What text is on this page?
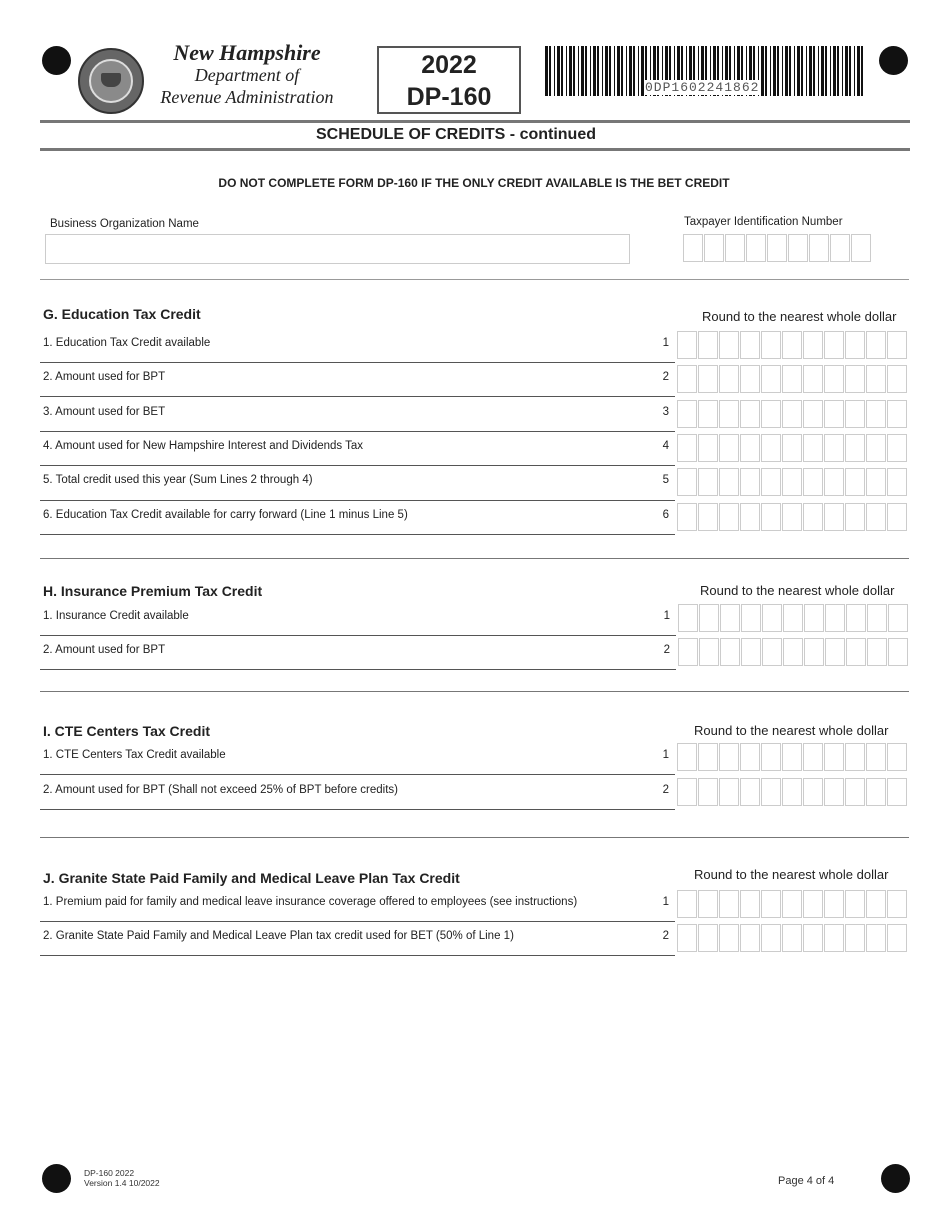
New Hampshire
Department of
Revenue Administration
2022
DP-160	0DP1602241862
SCHEDULE OF CREDITS - continued
DO NOT COMPLETE FORM DP-160 IF THE ONLY CREDIT AVAILABLE IS THE BET CREDIT
Business Organization Name	Taxpayer Identification Number
G. Education Tax Credit	Round to the nearest whole dollar
1. Education Tax Credit available	1
2. Amount used for BPT	2
3. Amount used for BET	3
4. Amount used for New Hampshire Interest and Dividends Tax	4
5. Total credit used this year (Sum Lines 2 through 4)	5
6. Education Tax Credit available for carry forward (Line 1 minus Line 5)	6
H. Insurance Premium Tax Credit	Round to the nearest whole dollar
1. Insurance Credit available	1
2. Amount used for BPT	2
I. CTE Centers Tax Credit	Round to the nearest whole dollar
1. CTE Centers Tax Credit available	1
2. Amount used for BPT (Shall not exceed 25% of BPT before credits)	2
J. Granite State Paid Family and Medical Leave Plan Tax Credit	Round to the nearest whole dollar
1. Premium paid for family and medical leave insurance coverage offered to employees (see instructions)	1
2. Granite State Paid Family and Medical Leave Plan tax credit used for BET (50% of Line 1)	2
DP-160 2022
Version 1.4 10/2022	Page 4 of 4
